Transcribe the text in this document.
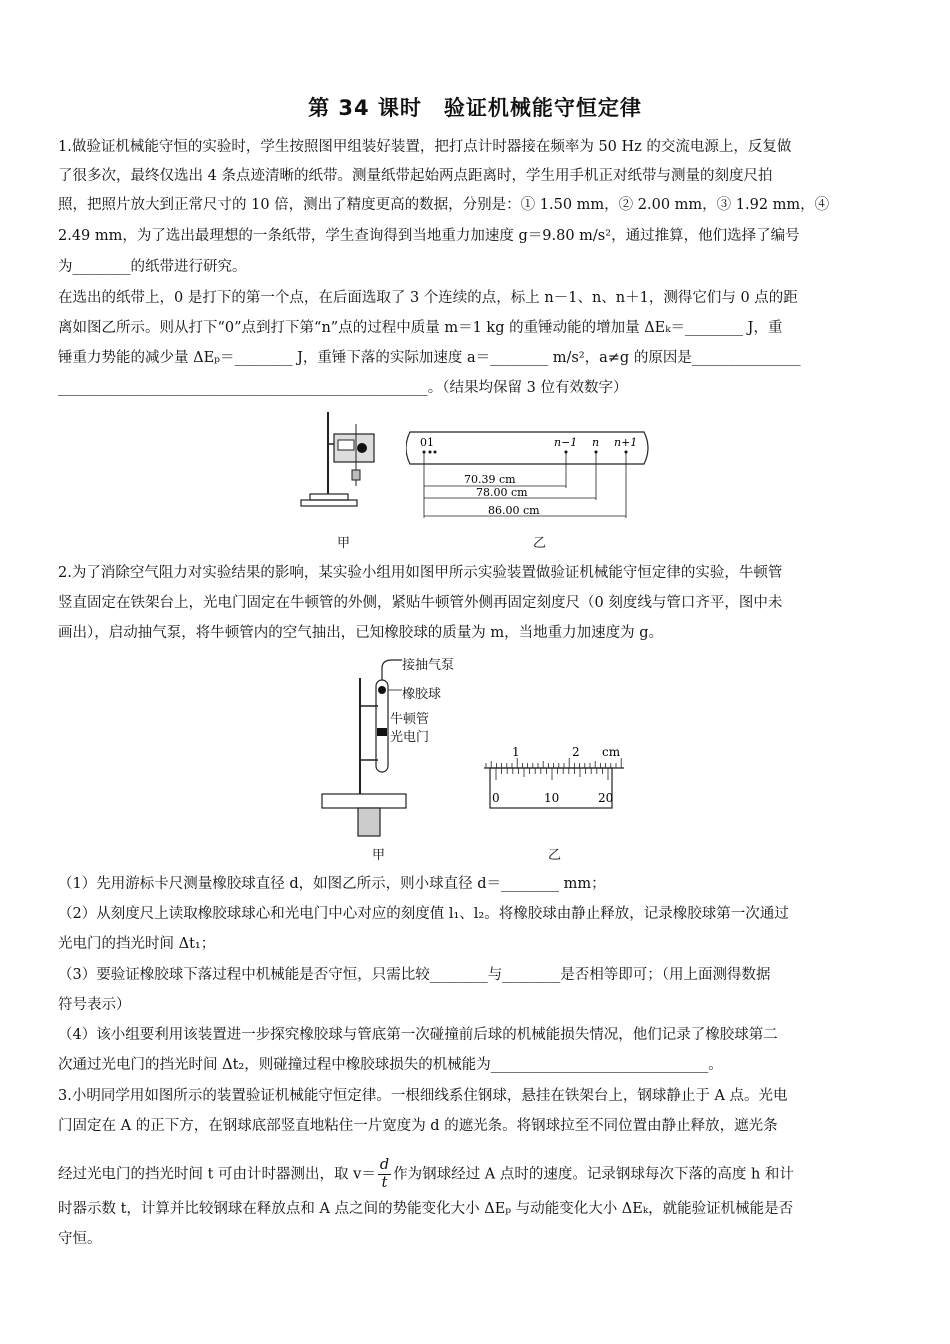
第 34 课时　验证机械能守恒定律
1.做验证机械能守恒的实验时，学生按照图甲组装好装置，把打点计时器接在频率为 50 Hz 的交流电源上，反复做
了很多次，最终仅选出 4 条点迹清晰的纸带。测量纸带起始两点距离时，学生用手机正对纸带与测量的刻度尺拍
照，把照片放大到正常尺寸的 10 倍，测出了精度更高的数据，分别是：① 1.50 mm，② 2.00 mm，③ 1.92 mm，④
2.49 mm，为了选出最理想的一条纸带，学生查询得到当地重力加速度 g＝9.80 m/s²，通过推算，他们选择了编号
为________的纸带进行研究。
在选出的纸带上，0 是打下的第一个点，在后面选取了 3 个连续的点，标上 n－1、n、n＋1，测得它们与 0 点的距
离如图乙所示。则从打下“0”点到打下第“n”点的过程中质量 m＝1 kg 的重锤动能的增加量 ΔEₖ＝________ J，重
锤重力势能的减少量 ΔEₚ＝________ J，重锤下落的实际加速度 a＝________ m/s²，a≠g 的原因是_______________
___________________________________________________。（结果均保留 3 位有效数字）
甲
0 1	n−1 n n+1
70.39 cm
78.00 cm
86.00 cm
乙
2.为了消除空气阻力对实验结果的影响，某实验小组用如图甲所示实验装置做验证机械能守恒定律的实验，牛顿管
竖直固定在铁架台上，光电门固定在牛顿管的外侧，紧贴牛顿管外侧再固定刻度尺（0 刻度线与管口齐平，图中未
画出），启动抽气泵，将牛顿管内的空气抽出，已知橡胶球的质量为 m，当地重力加速度为 g。
接抽气泵
橡胶球
牛顿管
光电门
甲
1	2 cm
0	10	20
乙
（1）先用游标卡尺测量橡胶球直径 d，如图乙所示，则小球直径 d＝________ mm；
（2）从刻度尺上读取橡胶球球心和光电门中心对应的刻度值 l₁、l₂。将橡胶球由静止释放，记录橡胶球第一次通过
光电门的挡光时间 Δt₁；
（3）要验证橡胶球下落过程中机械能是否守恒，只需比较________与________是否相等即可；（用上面测得数据
符号表示）
（4）该小组要利用该装置进一步探究橡胶球与管底第一次碰撞前后球的机械能损失情况，他们记录了橡胶球第二
次通过光电门的挡光时间 Δt₂，则碰撞过程中橡胶球损失的机械能为______________________________。
3.小明同学用如图所示的装置验证机械能守恒定律。一根细线系住钢球，悬挂在铁架台上，钢球静止于 A 点。光电
门固定在 A 的正下方，在钢球底部竖直地粘住一片宽度为 d 的遮光条。将钢球拉至不同位置由静止释放，遮光条
经过光电门的挡光时间 t 可由计时器测出，取 $v= \frac{d}{t}$ 作为钢球经过 A 点时的速度。记录钢球每次下落的高度 h 和计
时器示数 t，计算并比较钢球在释放点和 A 点之间的势能变化大小 ΔEₚ 与动能变化大小 ΔEₖ，就能验证机械能是否
守恒。
